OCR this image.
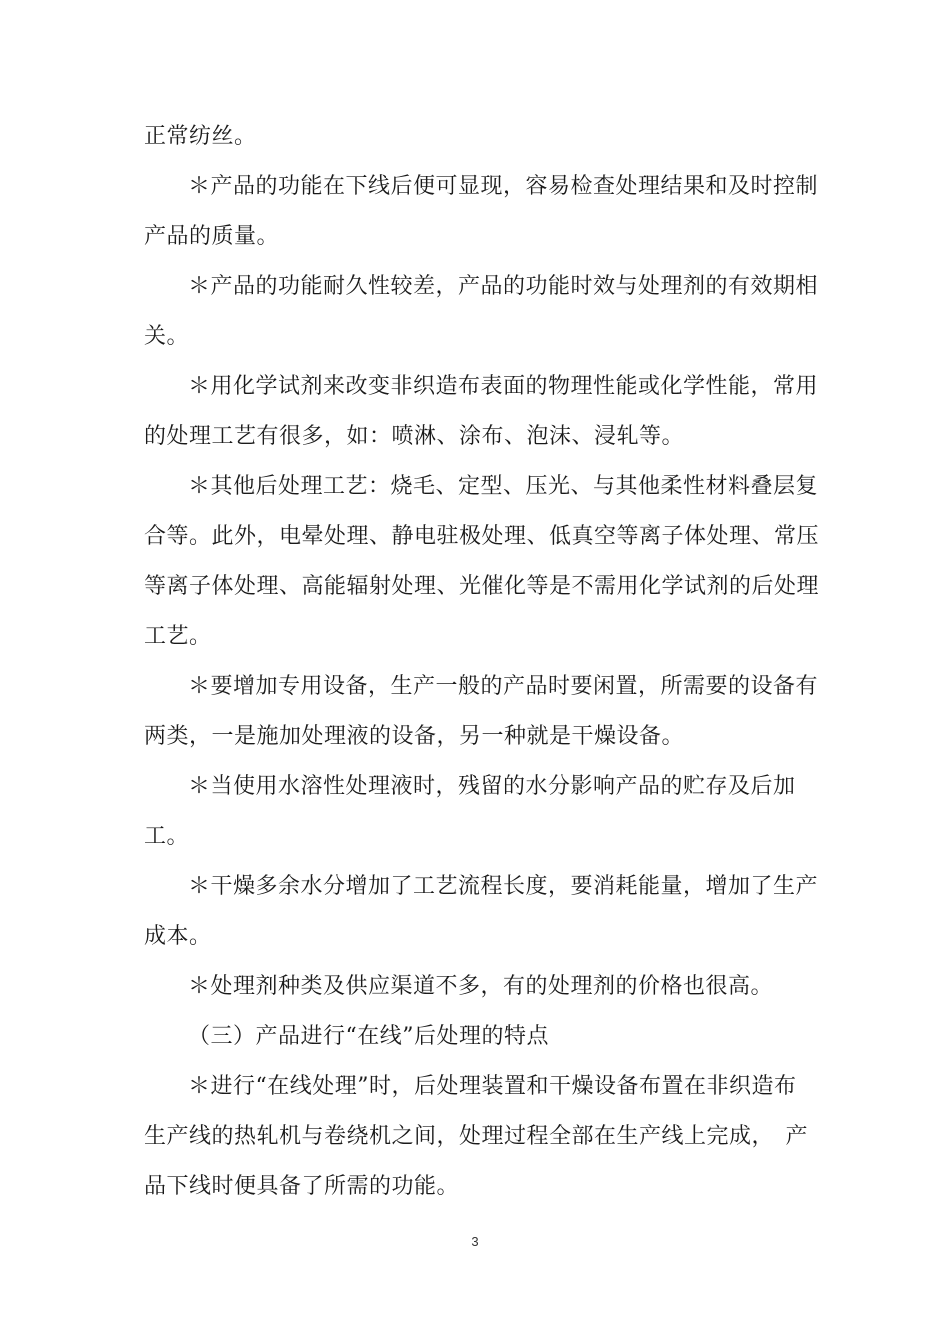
正常纺丝。
＊产品的功能在下线后便可显现，容易检查处理结果和及时控制
产品的质量。
＊产品的功能耐久性较差，产品的功能时效与处理剂的有效期相
关。
＊用化学试剂来改变非织造布表面的物理性能或化学性能，常用
的处理工艺有很多，如：喷淋、涂布、泡沫、浸轧等。
＊其他后处理工艺：烧毛、定型、压光、与其他柔性材料叠层复
合等。此外，电晕处理、静电驻极处理、低真空等离子体处理、常压
等离子体处理、高能辐射处理、光催化等是不需用化学试剂的后处理
工艺。
＊要增加专用设备，生产一般的产品时要闲置，所需要的设备有
两类，一是施加处理液的设备，另一种就是干燥设备。
＊当使用水溶性处理液时，残留的水分影响产品的贮存及后加
工。
＊干燥多余水分增加了工艺流程长度，要消耗能量，增加了生产
成本。
＊处理剂种类及供应渠道不多，有的处理剂的价格也很高。
（三）产品进行“在线”后处理的特点
＊进行“在线处理”时，后处理装置和干燥设备布置在非织造布
生产线的热轧机与卷绕机之间，处理过程全部在生产线上完成，　产
品下线时便具备了所需的功能。
3
